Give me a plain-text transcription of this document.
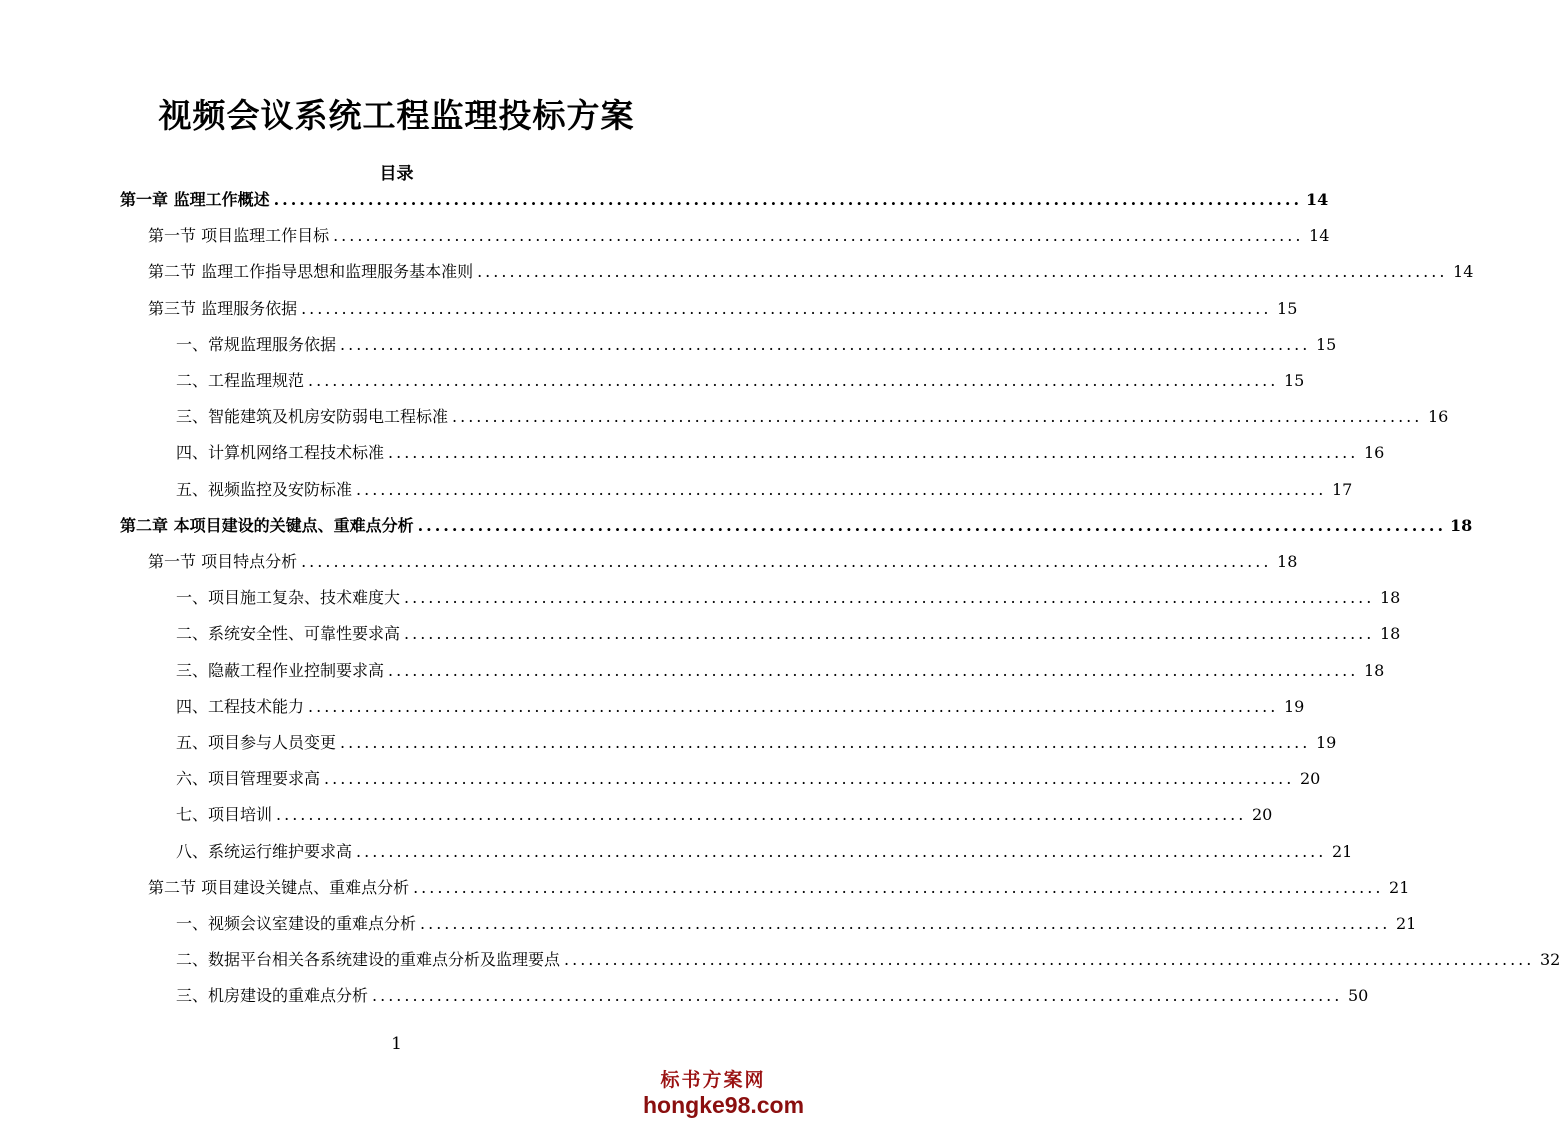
视频会议系统工程监理投标方案
目录
第一章 监理工作概述 ........................................................................................................................ 14
第一节 项目监理工作目标 ........................................................................................................................ 14
第二节 监理工作指导思想和监理服务基本准则 ........................................................................................................................ 14
第三节 监理服务依据 ........................................................................................................................ 15
一、常规监理服务依据 ........................................................................................................................ 15
二、工程监理规范 ........................................................................................................................ 15
三、智能建筑及机房安防弱电工程标准 ........................................................................................................................ 16
四、计算机网络工程技术标准 ........................................................................................................................ 16
五、视频监控及安防标准 ........................................................................................................................ 17
第二章 本项目建设的关键点、重难点分析 ........................................................................................................................ 18
第一节 项目特点分析 ........................................................................................................................ 18
一、项目施工复杂、技术难度大 ........................................................................................................................ 18
二、系统安全性、可靠性要求高 ........................................................................................................................ 18
三、隐蔽工程作业控制要求高 ........................................................................................................................ 18
四、工程技术能力 ........................................................................................................................ 19
五、项目参与人员变更 ........................................................................................................................ 19
六、项目管理要求高 ........................................................................................................................ 20
七、项目培训 ........................................................................................................................ 20
八、系统运行维护要求高 ........................................................................................................................ 21
第二节 项目建设关键点、重难点分析 ........................................................................................................................ 21
一、视频会议室建设的重难点分析 ........................................................................................................................ 21
二、数据平台相关各系统建设的重难点分析及监理要点 ........................................................................................................................ 32
三、机房建设的重难点分析 ........................................................................................................................ 50
1
标书方案网
hongke98.com
